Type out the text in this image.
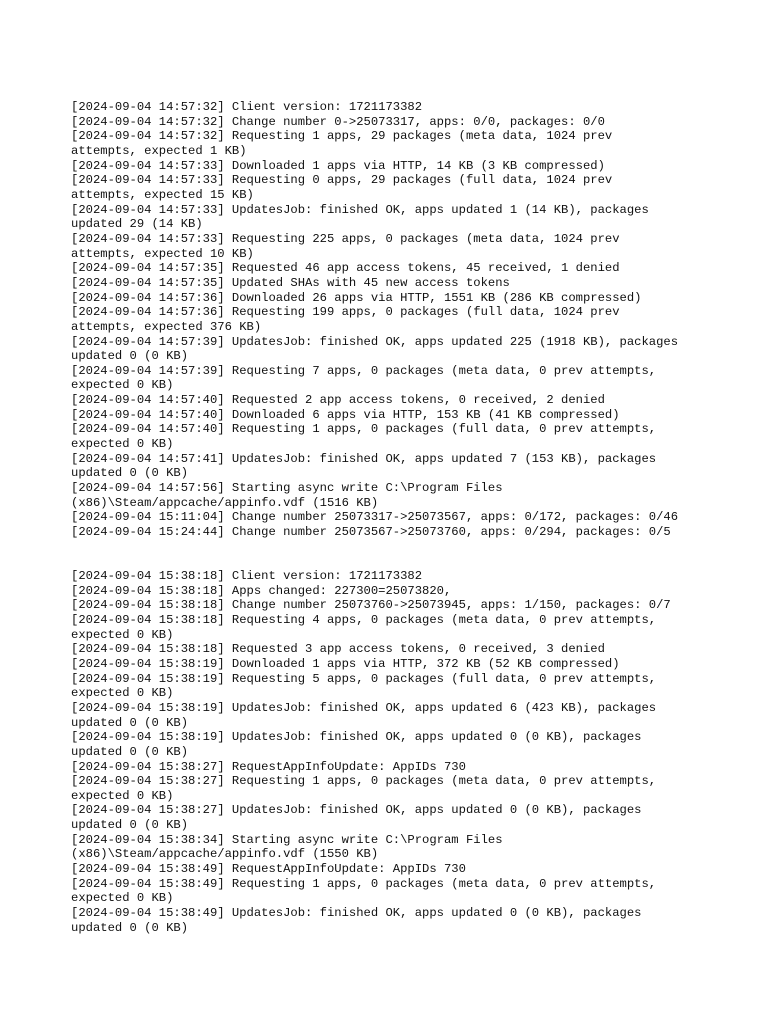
[2024-09-04 14:57:32] Client version: 1721173382
[2024-09-04 14:57:32] Change number 0->25073317, apps: 0/0, packages: 0/0
[2024-09-04 14:57:32] Requesting 1 apps, 29 packages (meta data, 1024 prev
attempts, expected 1 KB)
[2024-09-04 14:57:33] Downloaded 1 apps via HTTP, 14 KB (3 KB compressed)
[2024-09-04 14:57:33] Requesting 0 apps, 29 packages (full data, 1024 prev
attempts, expected 15 KB)
[2024-09-04 14:57:33] UpdatesJob: finished OK, apps updated 1 (14 KB), packages
updated 29 (14 KB)
[2024-09-04 14:57:33] Requesting 225 apps, 0 packages (meta data, 1024 prev
attempts, expected 10 KB)
[2024-09-04 14:57:35] Requested 46 app access tokens, 45 received, 1 denied
[2024-09-04 14:57:35] Updated SHAs with 45 new access tokens
[2024-09-04 14:57:36] Downloaded 26 apps via HTTP, 1551 KB (286 KB compressed)
[2024-09-04 14:57:36] Requesting 199 apps, 0 packages (full data, 1024 prev
attempts, expected 376 KB)
[2024-09-04 14:57:39] UpdatesJob: finished OK, apps updated 225 (1918 KB), packages
updated 0 (0 KB)
[2024-09-04 14:57:39] Requesting 7 apps, 0 packages (meta data, 0 prev attempts,
expected 0 KB)
[2024-09-04 14:57:40] Requested 2 app access tokens, 0 received, 2 denied
[2024-09-04 14:57:40] Downloaded 6 apps via HTTP, 153 KB (41 KB compressed)
[2024-09-04 14:57:40] Requesting 1 apps, 0 packages (full data, 0 prev attempts,
expected 0 KB)
[2024-09-04 14:57:41] UpdatesJob: finished OK, apps updated 7 (153 KB), packages
updated 0 (0 KB)
[2024-09-04 14:57:56] Starting async write C:\Program Files
(x86)\Steam/appcache/appinfo.vdf (1516 KB)
[2024-09-04 15:11:04] Change number 25073317->25073567, apps: 0/172, packages: 0/46
[2024-09-04 15:24:44] Change number 25073567->25073760, apps: 0/294, packages: 0/5
[2024-09-04 15:38:18] Client version: 1721173382
[2024-09-04 15:38:18] Apps changed: 227300=25073820,
[2024-09-04 15:38:18] Change number 25073760->25073945, apps: 1/150, packages: 0/7
[2024-09-04 15:38:18] Requesting 4 apps, 0 packages (meta data, 0 prev attempts,
expected 0 KB)
[2024-09-04 15:38:18] Requested 3 app access tokens, 0 received, 3 denied
[2024-09-04 15:38:19] Downloaded 1 apps via HTTP, 372 KB (52 KB compressed)
[2024-09-04 15:38:19] Requesting 5 apps, 0 packages (full data, 0 prev attempts,
expected 0 KB)
[2024-09-04 15:38:19] UpdatesJob: finished OK, apps updated 6 (423 KB), packages
updated 0 (0 KB)
[2024-09-04 15:38:19] UpdatesJob: finished OK, apps updated 0 (0 KB), packages
updated 0 (0 KB)
[2024-09-04 15:38:27] RequestAppInfoUpdate: AppIDs 730
[2024-09-04 15:38:27] Requesting 1 apps, 0 packages (meta data, 0 prev attempts,
expected 0 KB)
[2024-09-04 15:38:27] UpdatesJob: finished OK, apps updated 0 (0 KB), packages
updated 0 (0 KB)
[2024-09-04 15:38:34] Starting async write C:\Program Files
(x86)\Steam/appcache/appinfo.vdf (1550 KB)
[2024-09-04 15:38:49] RequestAppInfoUpdate: AppIDs 730
[2024-09-04 15:38:49] Requesting 1 apps, 0 packages (meta data, 0 prev attempts,
expected 0 KB)
[2024-09-04 15:38:49] UpdatesJob: finished OK, apps updated 0 (0 KB), packages
updated 0 (0 KB)
